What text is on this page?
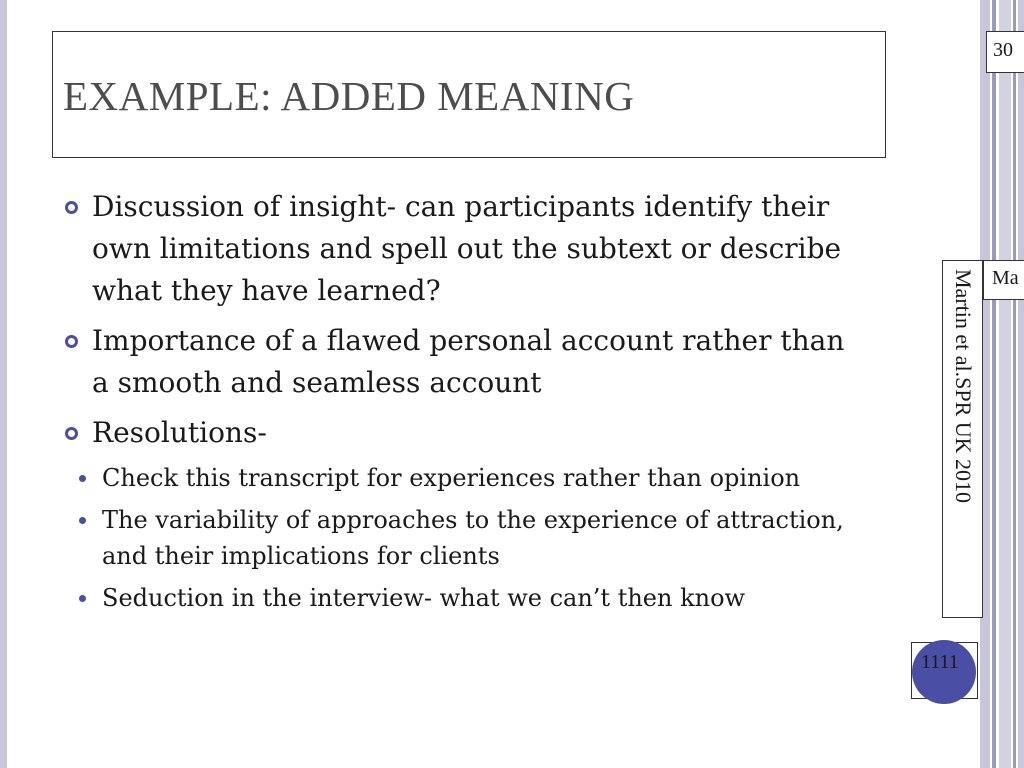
EXAMPLE: ADDED MEANING
Discussion of insight- can participants identify their own limitations and spell out the subtext or describe what they have learned?
Importance of a flawed personal account rather than a smooth and seamless account
Resolutions-
Check this transcript for experiences rather than opinion
The variability of approaches to the experience of attraction, and their implications for clients
Seduction in the interview- what we can’t then know
30
Ma
Martin et al.SPR UK 2010
1111
